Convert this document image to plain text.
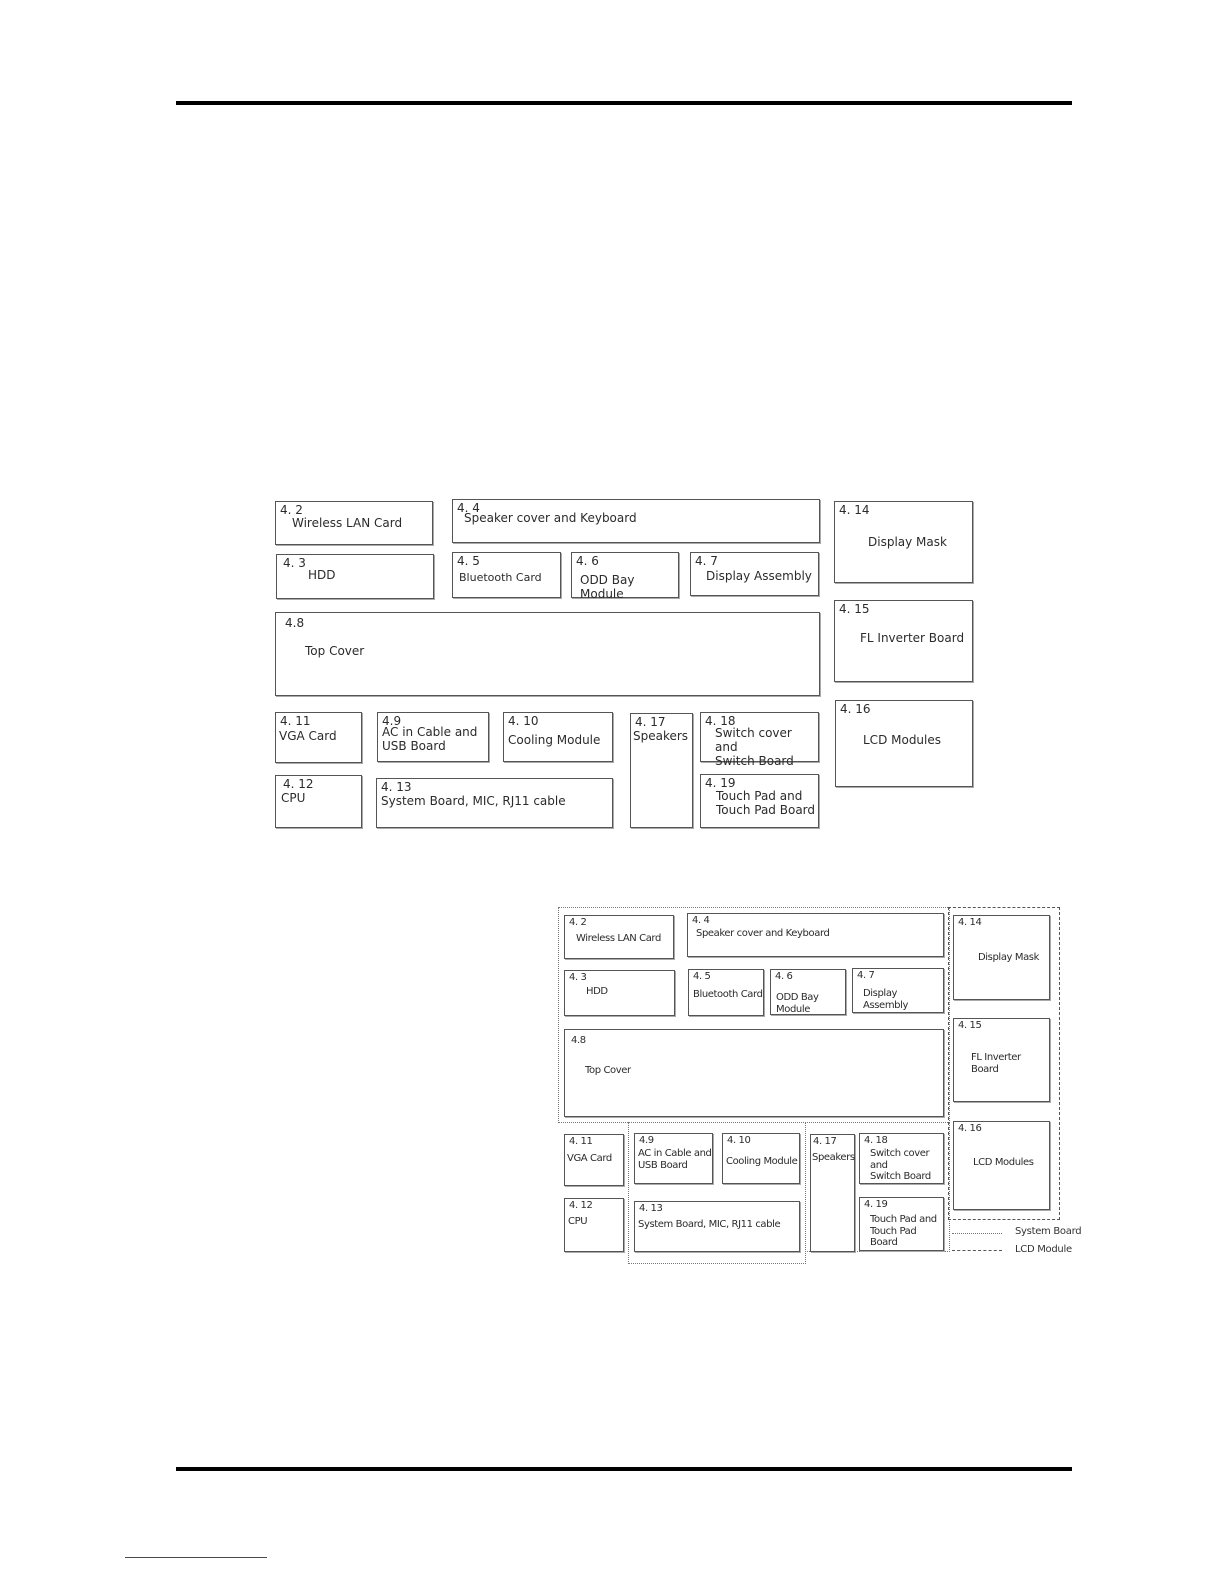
4. 2
Wireless LAN Card
4. 4
Speaker cover and Keyboard
4. 14
Display Mask
4. 3
HDD
4. 5
Bluetooth Card
4. 6
ODD Bay Module
4. 7
Display Assembly
4. 15
FL Inverter Board
4.8
Top Cover
4. 16
LCD Modules
4. 11
VGA Card
4.9
AC in Cable and
USB Board
4. 10
Cooling Module
4. 17
Speakers
4. 18
Switch cover and
Switch Board
4. 12
CPU
4. 13
System Board, MIC, RJ11 cable
4. 19
Touch Pad and
Touch Pad Board
4. 2
Wireless LAN Card
4. 4
Speaker cover and Keyboard
4. 14
Display Mask
4. 3
HDD
4. 5
Bluetooth Card
4. 6
ODD Bay Module
4. 7
Display Assembly
4. 15
FL Inverter Board
4.8
Top Cover
4. 16
LCD Modules
4. 11
VGA Card
4.9
AC in Cable and
USB Board
4. 10
Cooling Module
4. 17
Speakers
4. 18
Switch cover and
Switch Board
4. 12
CPU
4. 13
System Board, MIC, RJ11 cable
4. 19
Touch Pad and
Touch Pad Board
System Board
LCD Module
